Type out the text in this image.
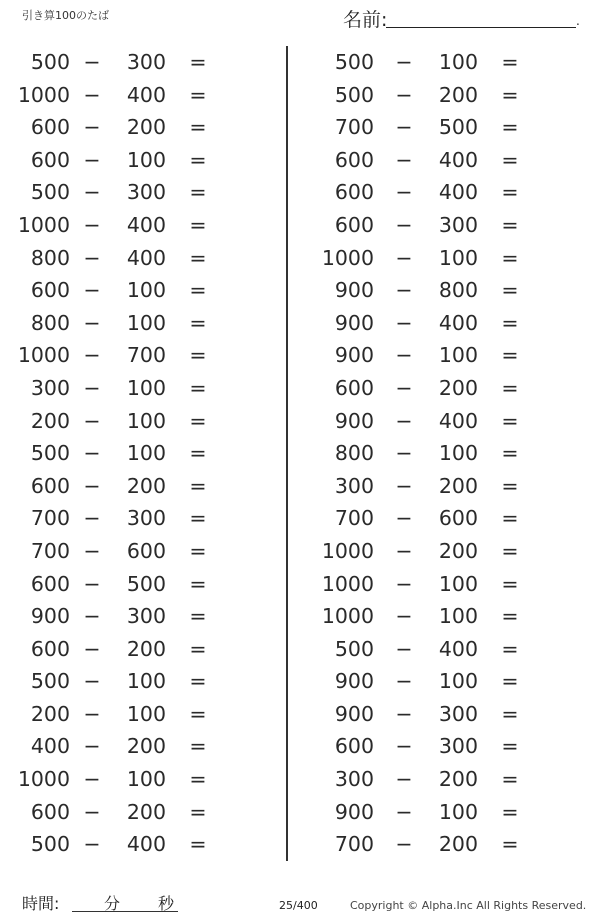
引き算100のたば	名前:	.
500 −	300 =
1000 −	400 =
600 −	200 =
600 −	100 =
500 −	300 =
1000 −	400 =
800 −	400 =
600 −	100 =
800 −	100 =
1000 −	700 =
300 −	100 =
200 −	100 =
500 −	100 =
600 −	200 =
700 −	300 =
700 −	600 =
600 −	500 =
900 −	300 =
600 −	200 =
500 −	100 =
200 −	100 =
400 −	200 =
1000 −	100 =
600 −	200 =
500 −	400 =
500 −	100 =
500 −	200 =
700 −	500 =
600 −	400 =
600 −	400 =
600 −	300 =
1000 −	100 =
900 −	800 =
900 −	400 =
900 −	100 =
600 −	200 =
900 −	400 =
800 −	100 =
300 −	200 =
700 −	600 =
1000 −	200 =
1000 −	100 =
1000 −	100 =
500 −	400 =
900 −	100 =
900 −	300 =
600 −	300 =
300 −	200 =
900 −	100 =
700 −	200 =
時間:	分 秒	25/400	Copyright © Alpha.Inc All Rights Reserved.
